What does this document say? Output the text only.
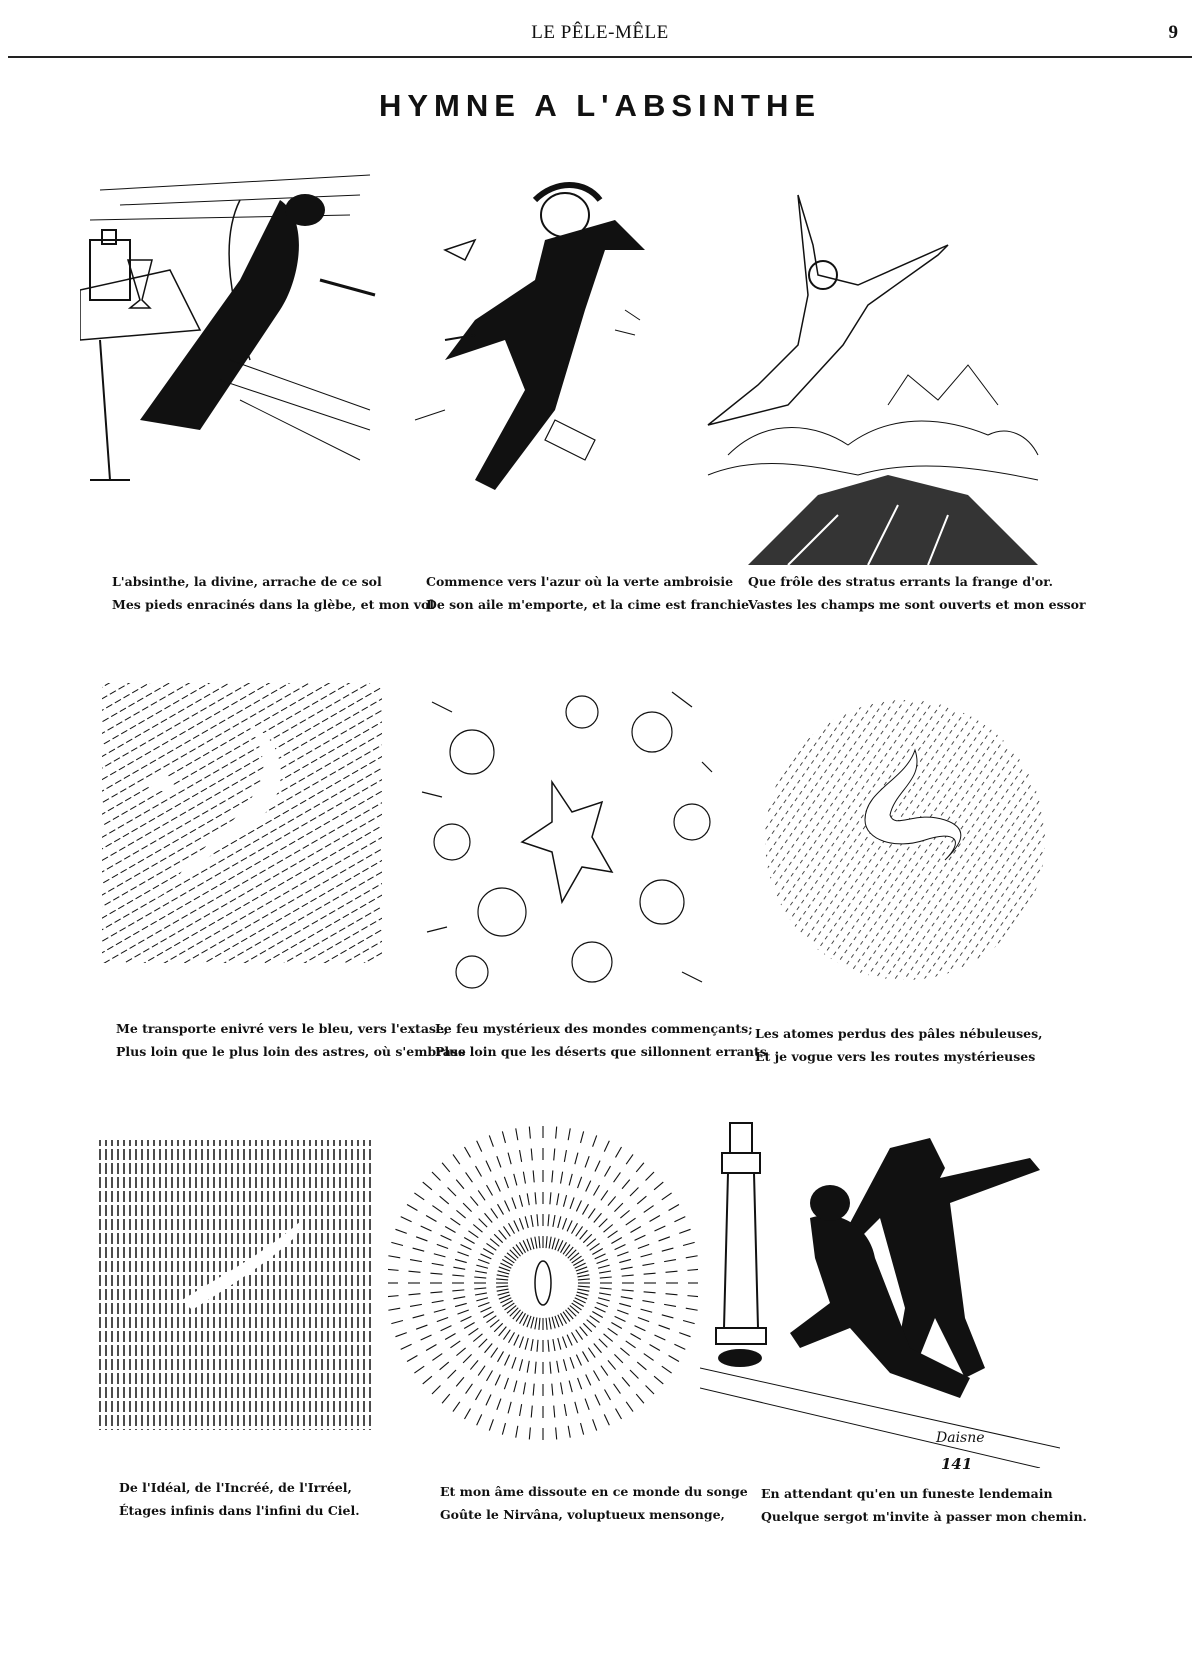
LE PÊLE-MÊLE	9
HYMNE A L'ABSINTHE
L'absinthe, la divine, arrache de ce sol
Mes pieds enracinés dans la glèbe, et mon vol
Commence vers l'azur où la verte ambroisie
De son aile m'emporte, et la cime est franchie
Que frôle des stratus errants la frange d'or.
Vastes les champs me sont ouverts et mon essor
Me transporte enivré vers le bleu, vers l'extase,
Plus loin que le plus loin des astres, où s'embrase
Le feu mystérieux des mondes commençants;
Plus loin que les déserts que sillonnent errants
Les atomes perdus des pâles nébuleuses,
Et je vogue vers les routes mystérieuses
Daisne
141
De l'Idéal, de l'Incréé, de l'Irréel,
Étages infinis dans l'infini du Ciel.
Et mon âme dissoute en ce monde du songe
Goûte le Nirvâna, voluptueux mensonge,
En attendant qu'en un funeste lendemain
Quelque sergot m'invite à passer mon chemin.
